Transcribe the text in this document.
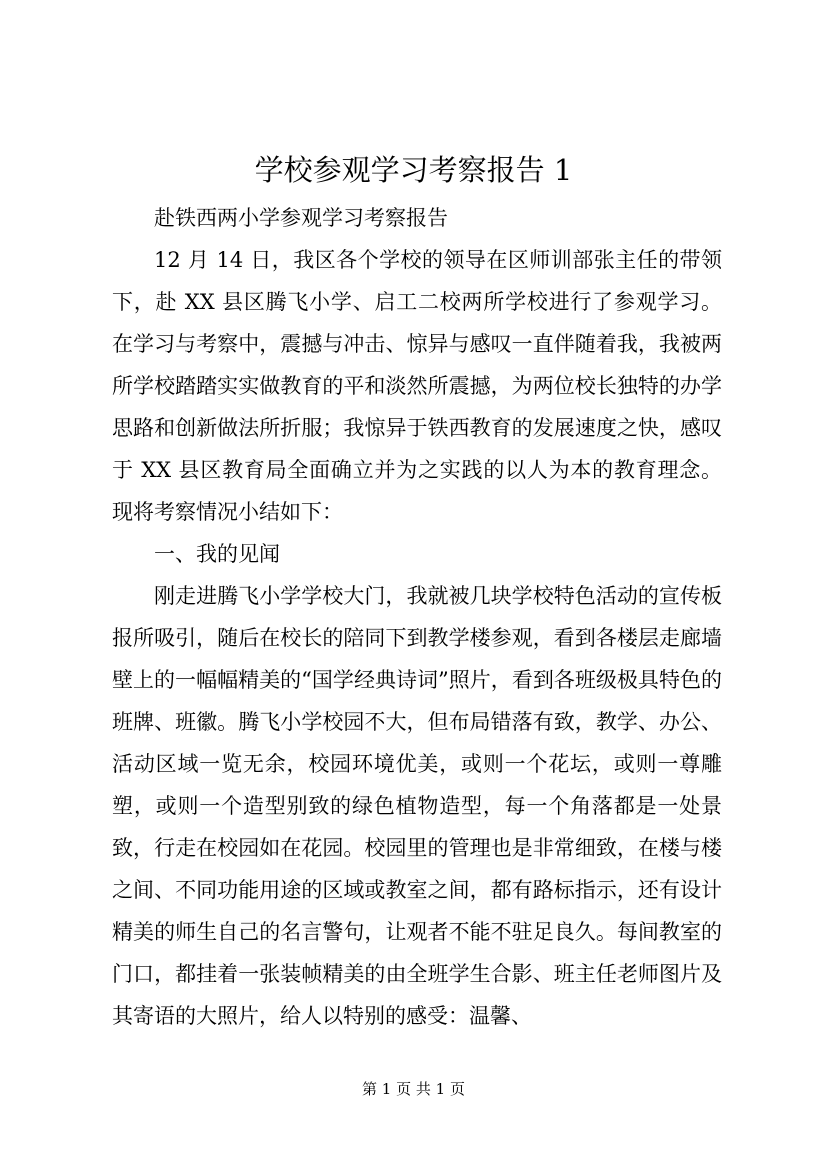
学校参观学习考察报告 1

赴铁西两小学参观学习考察报告

12 月 14 日，我区各个学校的领导在区师训部张主任的带领下，赴 XX 县区腾飞小学、启工二校两所学校进行了参观学习。在学习与考察中，震撼与冲击、惊异与感叹一直伴随着我，我被两所学校踏踏实实做教育的平和淡然所震撼，为两位校长独特的办学思路和创新做法所折服；我惊异于铁西教育的发展速度之快，感叹于 XX 县区教育局全面确立并为之实践的以人为本的教育理念。现将考察情况小结如下：

一、我的见闻

刚走进腾飞小学学校大门，我就被几块学校特色活动的宣传板报所吸引，随后在校长的陪同下到教学楼参观，看到各楼层走廊墙壁上的一幅幅精美的“国学经典诗词”照片，看到各班级极具特色的班牌、班徽。腾飞小学校园不大，但布局错落有致，教学、办公、活动区域一览无余，校园环境优美，或则一个花坛，或则一尊雕塑，或则一个造型别致的绿色植物造型，每一个角落都是一处景致，行走在校园如在花园。校园里的管理也是非常细致，在楼与楼之间、不同功能用途的区域或教室之间，都有路标指示，还有设计精美的师生自己的名言警句，让观者不能不驻足良久。每间教室的门口，都挂着一张装帧精美的由全班学生合影、班主任老师图片及其寄语的大照片，给人以特别的感受：温馨、

第 1 页 共 1 页
